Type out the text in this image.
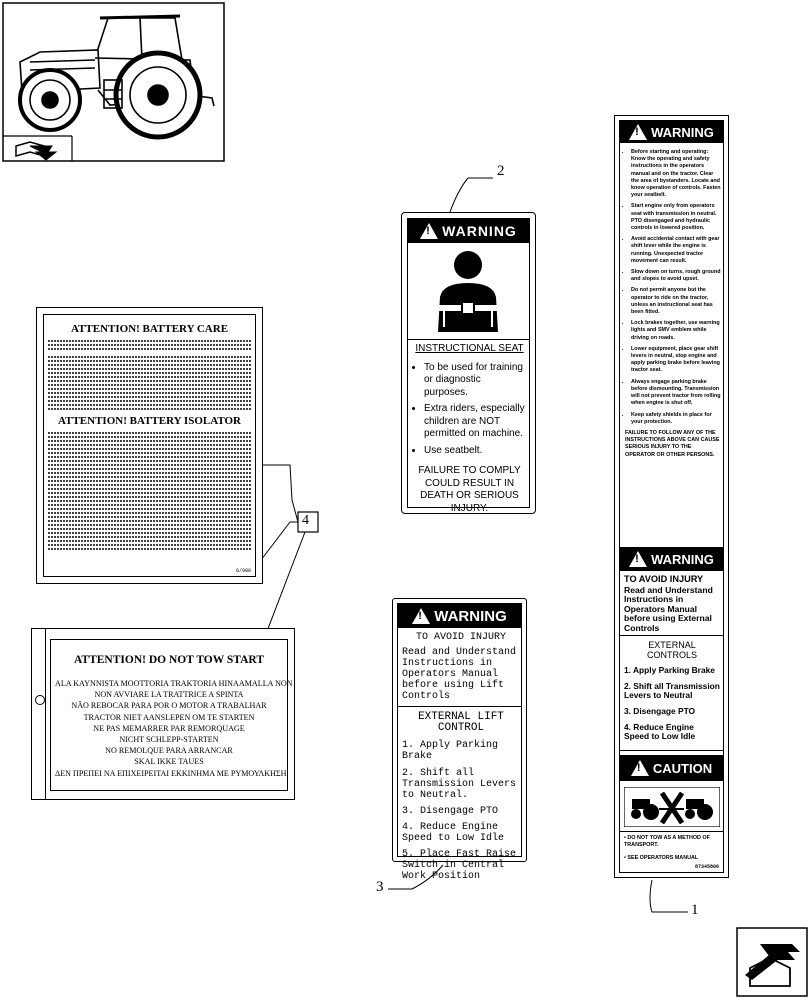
2
4
3
1
ATTENTION! BATTERY CARE
ATTENTION! BATTERY ISOLATOR
6/980
ATTENTION! DO NOT TOW START
ALA KAYNNISTA MOOTTORIA TRAKTORIA HINAAMALLA NON
NON AVVIARE LA TRATTRICE A SPINTA
NÃO REBOCAR PARA POR O MOTOR A TRABALHAR
TRACTOR NIET AANSLEPEN OM TE STARTEN
NE PAS MEMARRER PAR REMORQUAGE
NICHT SCHLEPP-STARTEN
NO REMOLQUE PARA ARRANCAR
SKAL IKKE TAUES
ΔΕΝ ΠΡΕΠΕΙ ΝΑ ΕΠΙΧΕΙΡΕΙΤΑΙ ΕΚΚΙΝΗΜΑ ΜΕ ΡΥΜΟΥΛΚΗΣΗ
!
WARNING
INSTRUCTIONAL SEAT
• To be used for training or diagnostic purposes.
• Extra riders, especially children are NOT permitted on machine.
• Use seatbelt.
FAILURE TO COMPLY COULD RESULT IN DEATH OR SERIOUS INJURY.
!
WARNING
TO AVOID INJURY
Read and Understand Instructions in Operators Manual before using Lift Controls
EXTERNAL LIFT CONTROL
1. Apply Parking Brake
2. Shift all Transmission Levers to Neutral.
3. Disengage PTO
4. Reduce Engine Speed to Low Idle
5. Place Fast Raise Switch in Central Work Position
!
WARNING
• Before starting and operating: Know the operating and safety instructions in the operators manual and on the tractor. Clear the area of bystanders. Locate and know operation of controls. Fasten your seatbelt.
• Start engine only from operators seat with transmission in neutral. PTO disengaged and hydraulic controls in lowered position.
• Avoid accidental contact with gear shift lever while the engine is running. Unexpected tractor movement can result.
• Slow down on turns, rough ground and slopes to avoid upset.
• Do not permit anyone but the operator to ride on the tractor, unless an instructional seat has been fitted.
• Lock brakes together, use warning lights and SMV emblem while driving on roads.
• Lower equipment, place gear shift levers in neutral, stop engine and apply parking brake before leaving tractor seat.
• Always engage parking brake before dismounting. Transmission will not prevent tractor from rolling when engine is shut off.
• Keep safety shields in place for your protection.
FAILURE TO FOLLOW ANY OF THE INSTRUCTIONS ABOVE CAN CAUSE SERIOUS INJURY TO THE OPERATOR OR OTHER PERSONS.
!
WARNING
TO AVOID INJURY
Read and Understand Instructions in Operators Manual before using External Controls
EXTERNAL CONTROLS
1. Apply Parking Brake
2. Shift all Transmission Levers to Neutral
3. Disengage PTO
4. Reduce Engine Speed to Low Idle
!
CAUTION
• DO NOT TOW AS A METHOD OF TRANSPORT.
• SEE OPERATORS MANUAL
87345806
